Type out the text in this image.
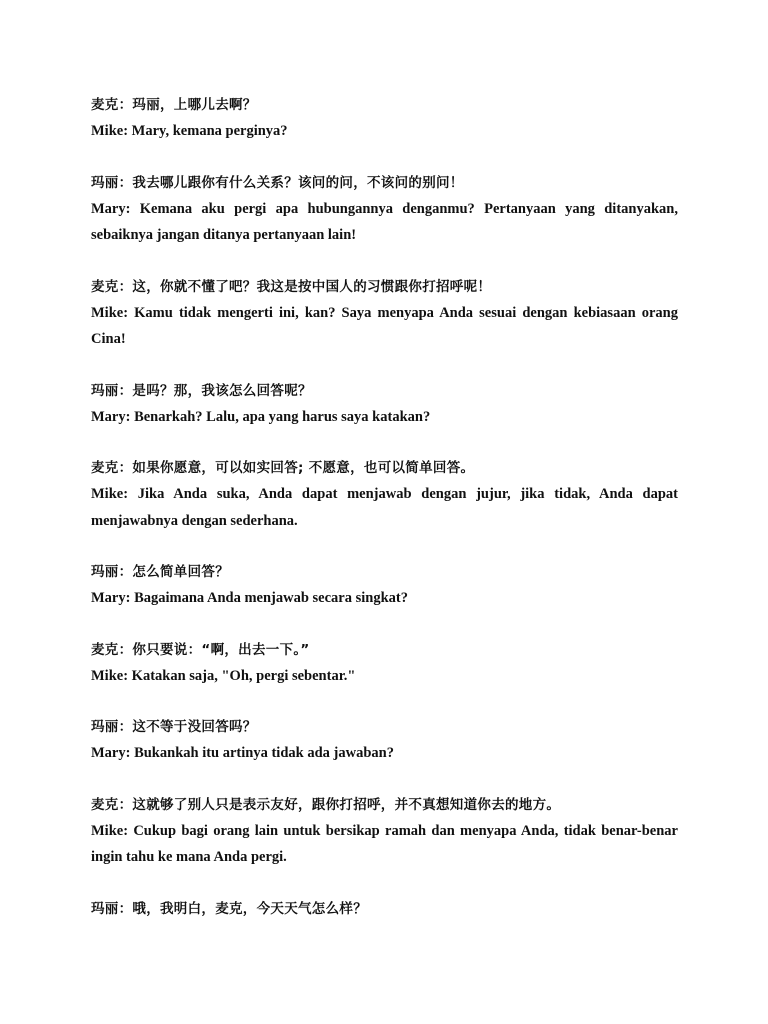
麦克：玛丽，上哪儿去啊？
Mike: Mary, kemana perginya?
玛丽：我去哪儿跟你有什么关系？该问的问，不该问的别问！
Mary: Kemana aku pergi apa hubungannya denganmu? Pertanyaan yang ditanyakan, sebaiknya jangan ditanya pertanyaan lain!
麦克：这，你就不懂了吧？我这是按中国人的习惯跟你打招呼呢！
Mike: Kamu tidak mengerti ini, kan? Saya menyapa Anda sesuai dengan kebiasaan orang Cina!
玛丽：是吗？那，我该怎么回答呢？
Mary: Benarkah? Lalu, apa yang harus saya katakan?
麦克：如果你愿意，可以如实回答; 不愿意，也可以简单回答。
Mike: Jika Anda suka, Anda dapat menjawab dengan jujur, jika tidak, Anda dapat menjawabnya dengan sederhana.
玛丽：怎么简单回答？
Mary: Bagaimana Anda menjawab secara singkat?
麦克：你只要说：“啊，出去一下。”
Mike: Katakan saja, "Oh, pergi sebentar."
玛丽：这不等于没回答吗？
Mary: Bukankah itu artinya tidak ada jawaban?
麦克：这就够了别人只是表示友好，跟你打招呼，并不真想知道你去的地方。
Mike: Cukup bagi orang lain untuk bersikap ramah dan menyapa Anda, tidak benar-benar ingin tahu ke mana Anda pergi.
玛丽：哦，我明白，麦克，今天天气怎么样？
